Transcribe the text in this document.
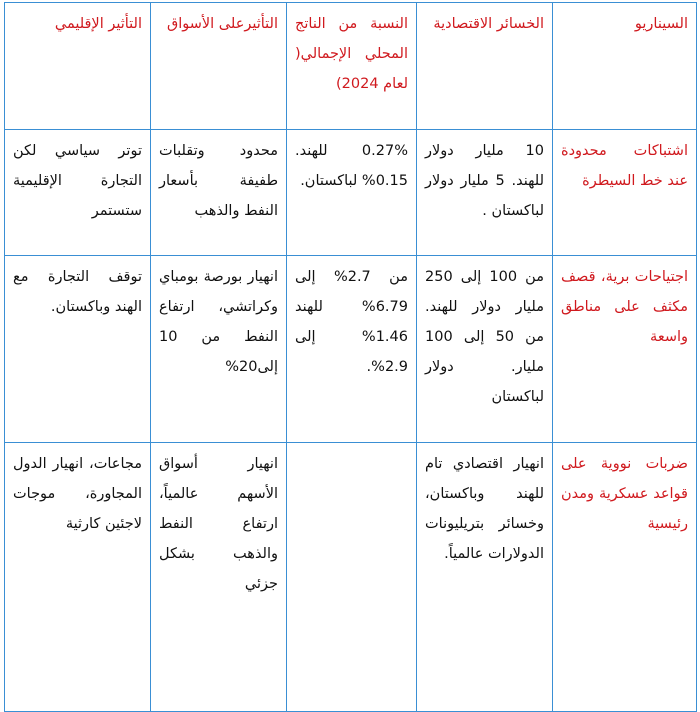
السيناريو	الخسائر الاقتصادية	النسبة من الناتج المحلي الإجمالي( لعام 2024)	التأثيرعلى الأسواق	التأثير الإقليمي
اشتباكات محدودة عند خط السيطرة	10 مليار دولار للهند. 5 مليار دولار لباكستان .	0.27% للهند. 0.15% لباكستان.	محدود وتقلبات طفيفة بأسعار النفط والذهب	توتر سياسي لكن التجارة الإقليمية ستستمر
اجتياحات برية، قصف مكثف على مناطق واسعة	من 100 إلى 250 مليار دولار للهند. من 50 إلى 100 مليار. دولار لباكستان	من 2.7% إلى 6.79% للهند 1.46% إلى 2.9%.	انهيار بورصة بومباي وكراتشي، ارتفاع النفط من 10 إلى20%	توقف التجارة مع الهند وباكستان.
ضربات نووية على قواعد عسكرية ومدن رئيسية	انهيار اقتصادي تام للهند وباكستان، وخسائر بتريليونات الدولارات عالمياً.		انهيار أسواق الأسهم عالمياً، ارتفاع النفط والذهب بشكل جزئي	مجاعات، انهيار الدول المجاورة، موجات لاجئين كارثية
